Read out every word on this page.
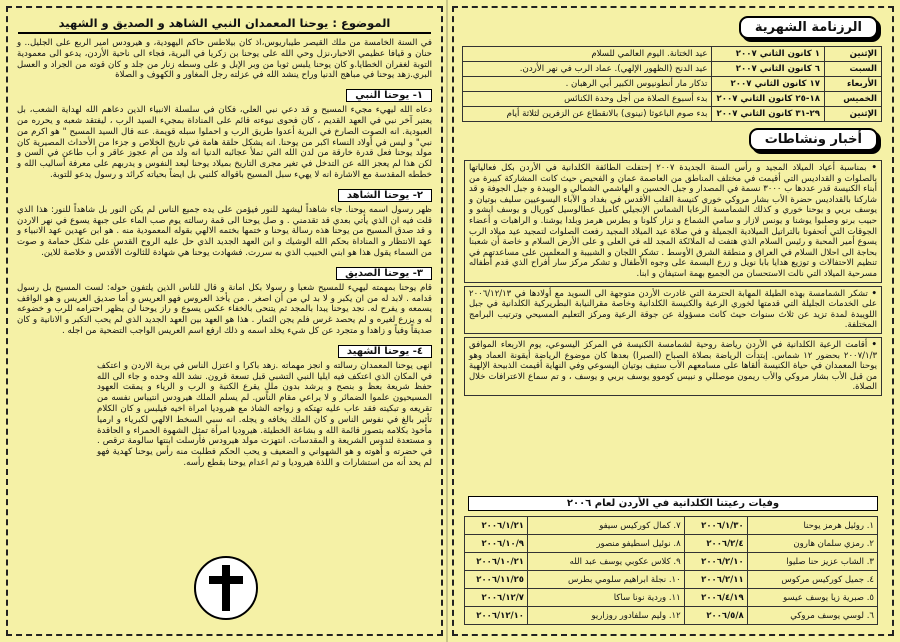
الموضوع : يوحنا المعمدان النبي الشاهد و الصديق و الشهيد
في السنة الخامسة من ملك القيصر طيباريوس،اذ كان بيلاطس حاكم اليهودية، و هيرودس امير الربع على الجليل.. و حنان و قيافا عظيمي الاحبار،نزل وحي الله على يوحنا بن زكريا في البرية، فجاء الى ناحية الأردن، يدعو الى معمودية التوبة لغفران الخطايا.و كان يوحنا يلبس ثوبا من وبر الإبل و على وسطه زنار من جلد و كان قوته من الجراد و العسل البري.زهد يوحنا في مباهج الدنيا وراح ينشد الله في عزلته رجل المغاور و الكهوف و الصلاة
١- يوحنا النبي
دعاه الله ليهيء مجيء المسيح و قد دعي نبي العلي، فكان في سلسلة الانبياء الذين دعاهم الله لهداية الشعب، بل يعتبر آخر نبي في العهد القديم ، كان فحوى نبوءته قائم على المناداة بمجيء السيد الرب ، ليفتقد شعبه و يحرره من العبودية. انه الصوت الصارخ في البرية أعدوا طريق الرب و احملوا سبله قويمة. عنه قال السيد المسيح " هو اكرم من نبي" و ليس في أولاد النساء اكبر من يوحنا. انه يشكل حلقة هامة في تاريخ الخلاص و جزءا من الأحداث المصيرية كان مولد يوحنا فعل قدرة خارقة من لدن الله التي تملأ عجائبه الدنيا انه ولد من أم عجوز عاقر و أب طاعن في السن و لكن هذا لم يعجز الله عن التدخل في تغير مجرى التاريخ بميلاد يوحنا ليعد النفوس و يدربهم على معرفة أساليب الله و خططه المقدسة مع الاشارة انه لا يهيء سبل المسيح باقواله كلنبي بل ايضاً بحياته كرائد و رسول يدعو للتوبة.
٢- يوحنا الشاهد
ظهر رسول اسمه يوحنا. جاء شاهداً ليشهد للنور فيؤمن على يده جميع الناس لم يكن النور بل شاهداً للنور: هذا الذي قلت فيه ان الذي يأتي بعدي قد تقدمني . و صل يوحنا الى قمة رسالته يوم صب الماء على جبهة يسوع في نهر الاردن و قد صدق المسيح من يوحنا هذه رسالة يوحنا و ختمها بختمه الالهي بقوله المعمودية منه . هو ابن عهدين عهد الانبياء و عهد الانتظار و المناداة بحكم الله الوشيك و ابن العهد الجديد الذي حل عليه الروح القدس على شكل حمامة و صوت من السماء يقول هذا هو ابني الحبيب الذي به سررت. فشهادت يوحنا هي شهادة للثالوث الأقدس و خلاصة للاين.
٣- يوحنا الصديق
قام يوحنا بمهمته ليهيء للمسيح شعبا و رسولا بكل امانة و قال للناس الذين يلتفون حوله: لست المسيح بل رسول قدامه . لابد له من ان يكبر و لا بد لي من أن اصغر . من يأخذ العروس فهو العريس و أما صديق العريس و هو الواقف يسمعه و يفرح له. نجد يوحنا يبدا بالمجد ثم يتنحى بالخفاء عكس يسوع و راز يوحنا لن يظهر احترامه للرب و خضوعه له و يزرع لغيره و لم يحصد غرس فلم يجن الثمار . هذا هو العهد بين العهد الجديد الذي لم يحب التكبر و الانانية و كان صديقاً وفياً و زاهدا و متجرد عن كل شيء يخلد اسمه و ذلك ارفع اسم العريس الواجب التضحية من اجله .
٤- يوحنا الشهيد
انهى يوحنا المعمدان رسالته و انجز مهماته .زهد باكرا و اعتزل الناس في برية الاردن و اعتكف في المكان الذي اعتكف فيه ايليا النبي التشبي قبل تسعة قرون. نشد الله وحده و جاء الى الله حفظ شريعة بعظ و بنصح و يرشد بدون مللٍ يقرع الكتبة و الرب و الرياء و يمقت العهود المسيحيون علموا الضمائر و لا يراعي مقام الناس. لم يسلم الملك هيرودس انتيباس نفسه من تقريعه و تبكيته فقد عاب عليه تهتكه و زواجه الشاذ مع هيروديا امراة اخيه فيلبس و كان الكلام تأثير بالغ في نفوس الناس و كان الملك يخافه و يجله. انه سبي السخط الالهي لكبرياء و ارميا مأخوذ بكلامه بتصور قائمة الله و بشاعة الخطيئة. هيروديا امرأة تمثل الشهوة الحمراء و الحاقدة و مستعدة لتدوس الشريعة و المقدسات. انتهزت مولد هيرودس فأرسلت ابنتها سالومة ترقص . في حضرته و أهوته و هو الشهواني و الضعيف و يحب الحكم فطلبت منه رأس يوحنا كهدية فهو لم يحد أنه من استشارات و اللذة هيروديا و ثم اعدام يوحنا بقطع رأسه.
الرزنامة الشهرية
الإثنين	١ كانون الثاني ٢٠٠٧	عيد الختانة. اليوم العالمي للسلام
السبت	٦ كانون الثاني ٢٠٠٧	عيد الدنح (الظهور الإلهي). عماد الرب في نهر الأردن.
الأربعاء	١٧ كانون الثاني ٢٠٠٧	تذكار مار أنطونيوس الكبير أبي الرهبان .
الخميس	١٨-٢٥ كانون الثاني ٢٠٠٧	بدء أسبوع الصلاة من أجل وحدة الكنائس
الإثنين	٢٩-٣١ كانون الثاني ٢٠٠٧	بدء صوم الباعوثا (نينوى) بالانقطاع عن الزفرين لثلاثة أيام
أخبار ونشاطات
• بمناسبة أعياد الميلاد المجيد و رأس السنة الجديدة ٢٠٠٧ إحتفلت الطائفة الكلدانية في الأردن بكل فعالياتها بالصلوات و القداديس التي أقيمت في مختلف المناطق من العاصمة عمان و الفحيص حيث كانت المشاركة كبيرة من أبناء الكنيسة قدر عددها ب ٣٠٠٠ نسمة في المصدار و جبل الحسين و الهاشمي الشمالي و الويبدة و جبل الجوفة و قد شاركنا بالقداديس حضرة الأب بشار مروكي خوري كنيسة القلب الأقدس في بغداد و الآباء اليسوعيين سليف بوتيان و يوسف بريي و يوحنا خوري و كذلك الشمامسة الرعايا الشماس الإنجيلي كاميل عطالوسيل كوريال و يوسف ايشو و حبيب برنو وصلبوا يوشنا و يونس لازار و سامي الشماع و نزار كلونا و بطرس هرمز وبلدا يوشنا. و الراهبات و أعضاء الجوقات التي أتحفونا بالتراتيل الميلادية الجميلة و في صلاة عيد الميلاد المجيد رفعت الصلوات لتمجيد عيد ميلاد الرب يسوع أمير المحبة و رئيس السلام الذي هتفت له الملائكة المجد لله في العلى و على الأرض السلام و خاصة أن شعبنا بحاجة الى احلال السلام في العراق و منطقة الشرق الأوسط . تشكر اللجان و الشبيبة و المعلمين على مساعدتهم في تنظيم الاحتفالات و توزيع هدايا بابا نويل و زرع البسمة على وجوه الأطفال و تشكر مركز سار أفراح الذي قدم أطفاله مسرحية الميلاد التي نالت الاستحسان من الجميع بهمة استيفان و ابنا.
• تشكر الشمامسة بهذه الطيلة المهابة الحترمة التي غادرت الأردن متوجهة الى السويد مع أولادها في ٢٠٠٦/١٢/١٣ على الخدمات الجليلة التي قدمتها لخوري الرعية والكنيسة الكلدانية وخاصة مقرالنيابة البطريركية الكلدانية في جبل اللويبدة لمدة تزيد عن ثلاث سنوات حيث كانت مسؤولة عن جوقة الرعية ومركز التعليم المسيحي وترتيب البرامج المختلفة.
• أقامت الرعية الكلدانية في الأردن رياضة روحية لشمامسة الكنيسة في المركز اليسوعي، يوم الاربعاء الموافق ٢٠٠٧/١/٣ بحضور ١٢ شماس. إبتدأت الرياضة بصلاة الصباح (الصبرا) بعدها كان موضوع الرياضة أيقونة العماد وهو يوحنا المعمدان في حياة الكنيسة ألقاها على مسامعهم الأب ستيف بوتيان اليسوعي وفي النهاية أقيمت الذبيحة الإلهية من قبل الأب بشار مروكي والأب ريمون موصللي و نبيس كوموو يوسف بربي و يوسف ، و تم سماع الاعترافات خلال الصلاة.
وفيات رعيتنا الكلدانية في الأردن لعام ٢٠٠٦
١. روئيل هرمز يوحنا	٢٠٠٦/١/٣٠	٧. كمال كوركيس سيفو	٢٠٠٦/١/٢١
٢. رمزي سلمان هارون	٢٠٠٦/٢/٤	٨. نوئيل اسطيفو منصور	٢٠٠٦/١٠/٩
٣. الشاب عزيز حنا صليوا	٢٠٠٦/٢/١٠	٩. كلاس عكوبي يوسف عبد الله	٢٠٠٦/١٠/٢١
٤. جميل كوركيس مركوس	٢٠٠٦/٢/١١	١٠. نجلة ابراهيم سلومي بطرس	٢٠٠٦/١١/٢٥
٥. صبرية زيا يوسف عيسو	٢٠٠٦/٤/١٩	١١. وردية نونا ساكا	٢٠٠٦/١٢/٧
٦. لوسي يوسف مروكي	٢٠٠٦/٥/٨	١٢. وليم سلفادور روزاريو	٢٠٠٦/١٢/١٠
